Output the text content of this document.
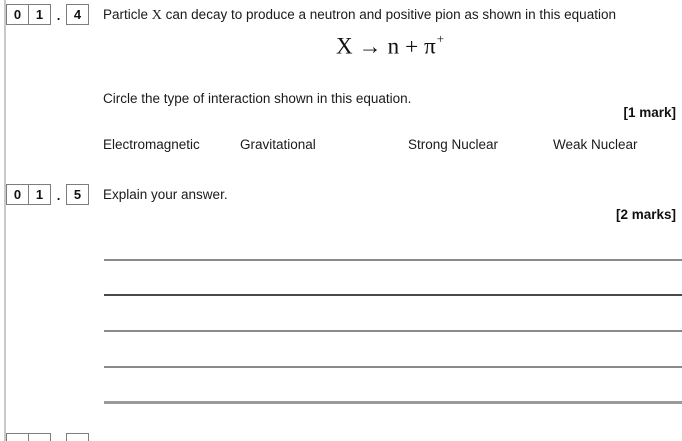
0	1	.	4	Particle X can decay to produce a neutron and positive pion as shown in this equation
X → n + π+
Circle the type of interaction shown in this equation.
[1 mark]
Electromagnetic	Gravitational	Strong Nuclear	Weak Nuclear
0	1	.	5	Explain your answer.
[2 marks]
